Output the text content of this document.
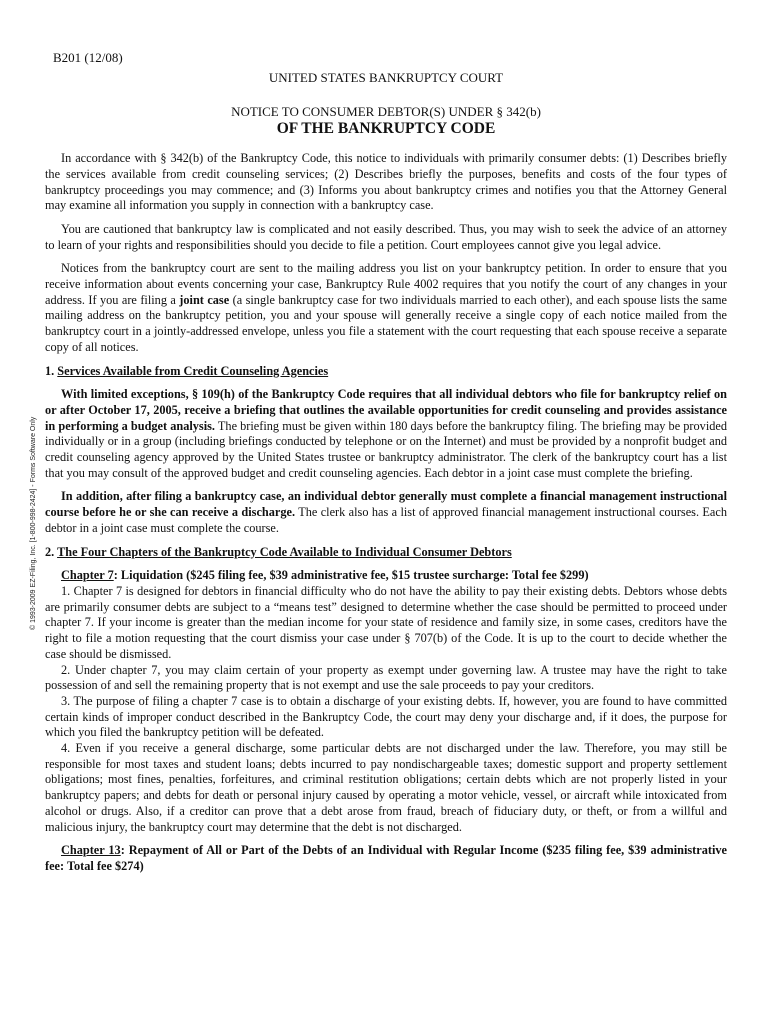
B201 (12/08)
© 1993-2009 EZ-Filing, Inc. [1-800-998-2424] - Forms Software Only
UNITED STATES BANKRUPTCY COURT
NOTICE TO CONSUMER DEBTOR(S) UNDER § 342(b)
OF THE BANKRUPTCY CODE

In accordance with § 342(b) of the Bankruptcy Code, this notice to individuals with primarily consumer debts: (1) Describes briefly the services available from credit counseling services; (2) Describes briefly the purposes, benefits and costs of the four types of bankruptcy proceedings you may commence; and (3) Informs you about bankruptcy crimes and notifies you that the Attorney General may examine all information you supply in connection with a bankruptcy case.

You are cautioned that bankruptcy law is complicated and not easily described. Thus, you may wish to seek the advice of an attorney to learn of your rights and responsibilities should you decide to file a petition. Court employees cannot give you legal advice.

Notices from the bankruptcy court are sent to the mailing address you list on your bankruptcy petition. In order to ensure that you receive information about events concerning your case, Bankruptcy Rule 4002 requires that you notify the court of any changes in your address. If you are filing a joint case (a single bankruptcy case for two individuals married to each other), and each spouse lists the same mailing address on the bankruptcy petition, you and your spouse will generally receive a single copy of each notice mailed from the bankruptcy court in a jointly-addressed envelope, unless you file a statement with the court requesting that each spouse receive a separate copy of all notices.

1. Services Available from Credit Counseling Agencies

With limited exceptions, § 109(h) of the Bankruptcy Code requires that all individual debtors who file for bankruptcy relief on or after October 17, 2005, receive a briefing that outlines the available opportunities for credit counseling and provides assistance in performing a budget analysis. The briefing must be given within 180 days before the bankruptcy filing. The briefing may be provided individually or in a group (including briefings conducted by telephone or on the Internet) and must be provided by a nonprofit budget and credit counseling agency approved by the United States trustee or bankruptcy administrator. The clerk of the bankruptcy court has a list that you may consult of the approved budget and credit counseling agencies. Each debtor in a joint case must complete the briefing.

In addition, after filing a bankruptcy case, an individual debtor generally must complete a financial management instructional course before he or she can receive a discharge. The clerk also has a list of approved financial management instructional courses. Each debtor in a joint case must complete the course.

2. The Four Chapters of the Bankruptcy Code Available to Individual Consumer Debtors
Chapter 7: Liquidation ($245 filing fee, $39 administrative fee, $15 trustee surcharge: Total fee $299)

1. Chapter 7 is designed for debtors in financial difficulty who do not have the ability to pay their existing debts. Debtors whose debts are primarily consumer debts are subject to a “means test” designed to determine whether the case should be permitted to proceed under chapter 7. If your income is greater than the median income for your state of residence and family size, in some cases, creditors have the right to file a motion requesting that the court dismiss your case under § 707(b) of the Code. It is up to the court to decide whether the case should be dismissed.

2. Under chapter 7, you may claim certain of your property as exempt under governing law. A trustee may have the right to take possession of and sell the remaining property that is not exempt and use the sale proceeds to pay your creditors.

3. The purpose of filing a chapter 7 case is to obtain a discharge of your existing debts. If, however, you are found to have committed certain kinds of improper conduct described in the Bankruptcy Code, the court may deny your discharge and, if it does, the purpose for which you filed the bankruptcy petition will be defeated.

4. Even if you receive a general discharge, some particular debts are not discharged under the law. Therefore, you may still be responsible for most taxes and student loans; debts incurred to pay nondischargeable taxes; domestic support and property settlement obligations; most fines, penalties, forfeitures, and criminal restitution obligations; certain debts which are not properly listed in your bankruptcy papers; and debts for death or personal injury caused by operating a motor vehicle, vessel, or aircraft while intoxicated from alcohol or drugs. Also, if a creditor can prove that a debt arose from fraud, breach of fiduciary duty, or theft, or from a willful and malicious injury, the bankruptcy court may determine that the debt is not discharged.

Chapter 13: Repayment of All or Part of the Debts of an Individual with Regular Income ($235 filing fee, $39 administrative fee: Total fee $274)
